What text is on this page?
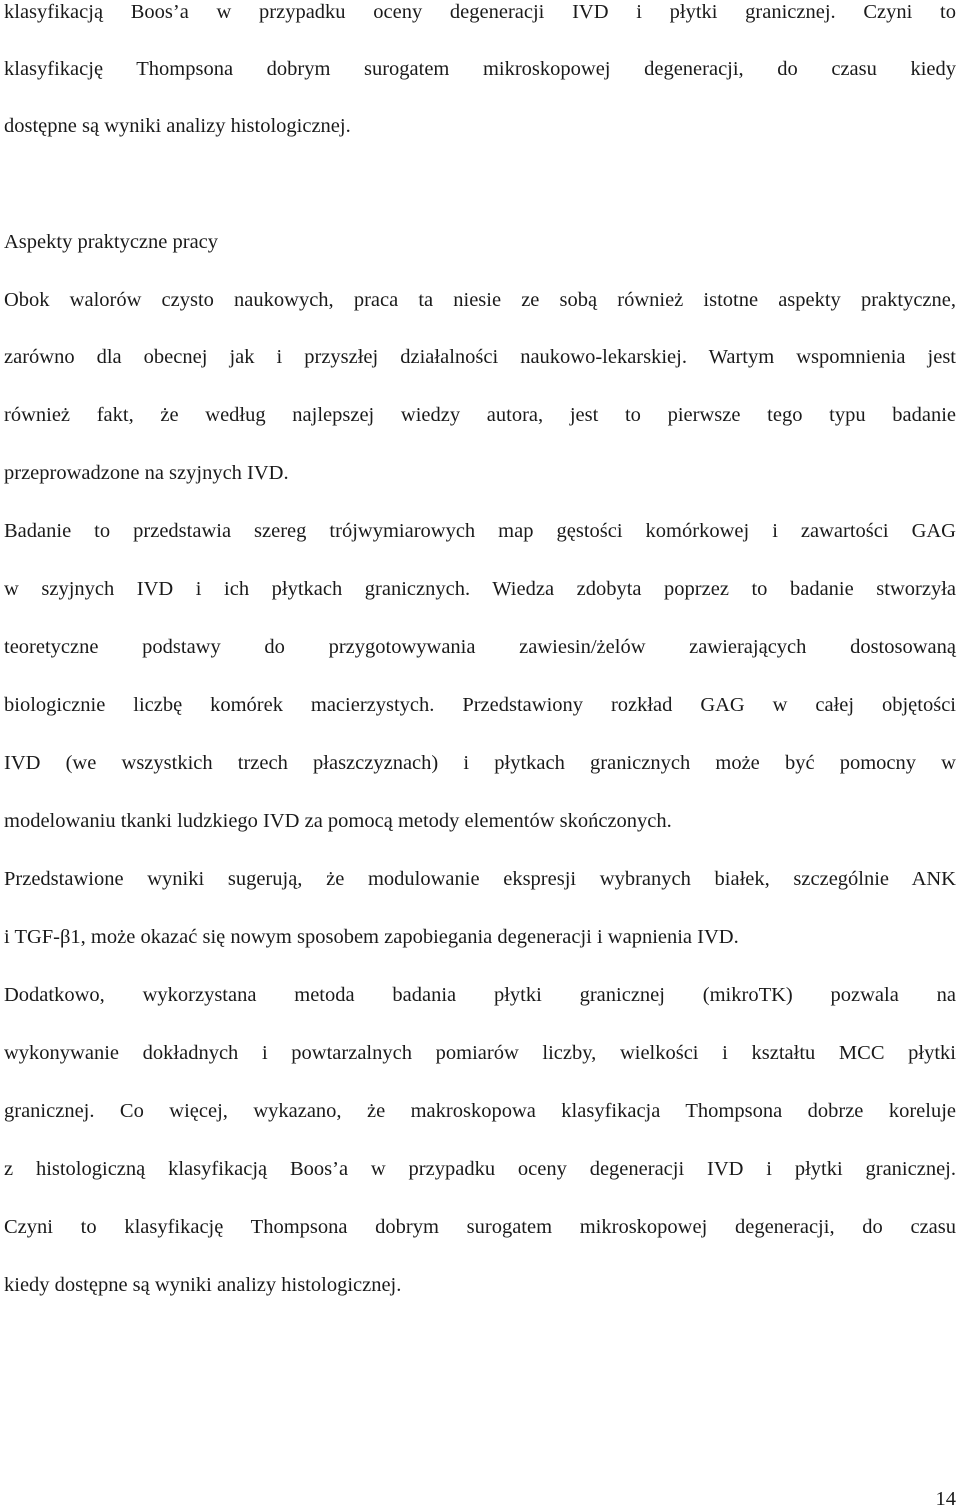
klasyfikacją Boos’a w przypadku oceny degeneracji IVD i płytki granicznej. Czyni to

klasyfikację Thompsona dobrym surogatem mikroskopowej degeneracji, do czasu kiedy

dostępne są wyniki analizy histologicznej.

Aspekty praktyczne pracy

Obok walorów czysto naukowych, praca ta niesie ze sobą również istotne aspekty praktyczne,

zarówno dla obecnej jak i przyszłej działalności naukowo-lekarskiej. Wartym wspomnienia jest

również fakt, że według najlepszej wiedzy autora, jest to pierwsze tego typu badanie

przeprowadzone na szyjnych IVD.

Badanie to przedstawia szereg trójwymiarowych map gęstości komórkowej i zawartości GAG

w szyjnych IVD i ich płytkach granicznych. Wiedza zdobyta poprzez to badanie stworzyła

teoretyczne podstawy do przygotowywania zawiesin/żelów zawierających dostosowaną

biologicznie liczbę komórek macierzystych. Przedstawiony rozkład GAG w całej objętości

IVD (we wszystkich trzech płaszczyznach) i płytkach granicznych może być pomocny w

modelowaniu tkanki ludzkiego IVD za pomocą metody elementów skończonych.

Przedstawione wyniki sugerują, że modulowanie ekspresji wybranych białek, szczególnie ANK

i TGF-β1, może okazać się nowym sposobem zapobiegania degeneracji i wapnienia IVD.

Dodatkowo, wykorzystana metoda badania płytki granicznej (mikroTK) pozwala na

wykonywanie dokładnych i powtarzalnych pomiarów liczby, wielkości i kształtu MCC płytki

granicznej. Co więcej, wykazano, że makroskopowa klasyfikacja Thompsona dobrze koreluje

z histologiczną klasyfikacją Boos’a w przypadku oceny degeneracji IVD i płytki granicznej.

Czyni to klasyfikację Thompsona dobrym surogatem mikroskopowej degeneracji, do czasu

kiedy dostępne są wyniki analizy histologicznej.

14
